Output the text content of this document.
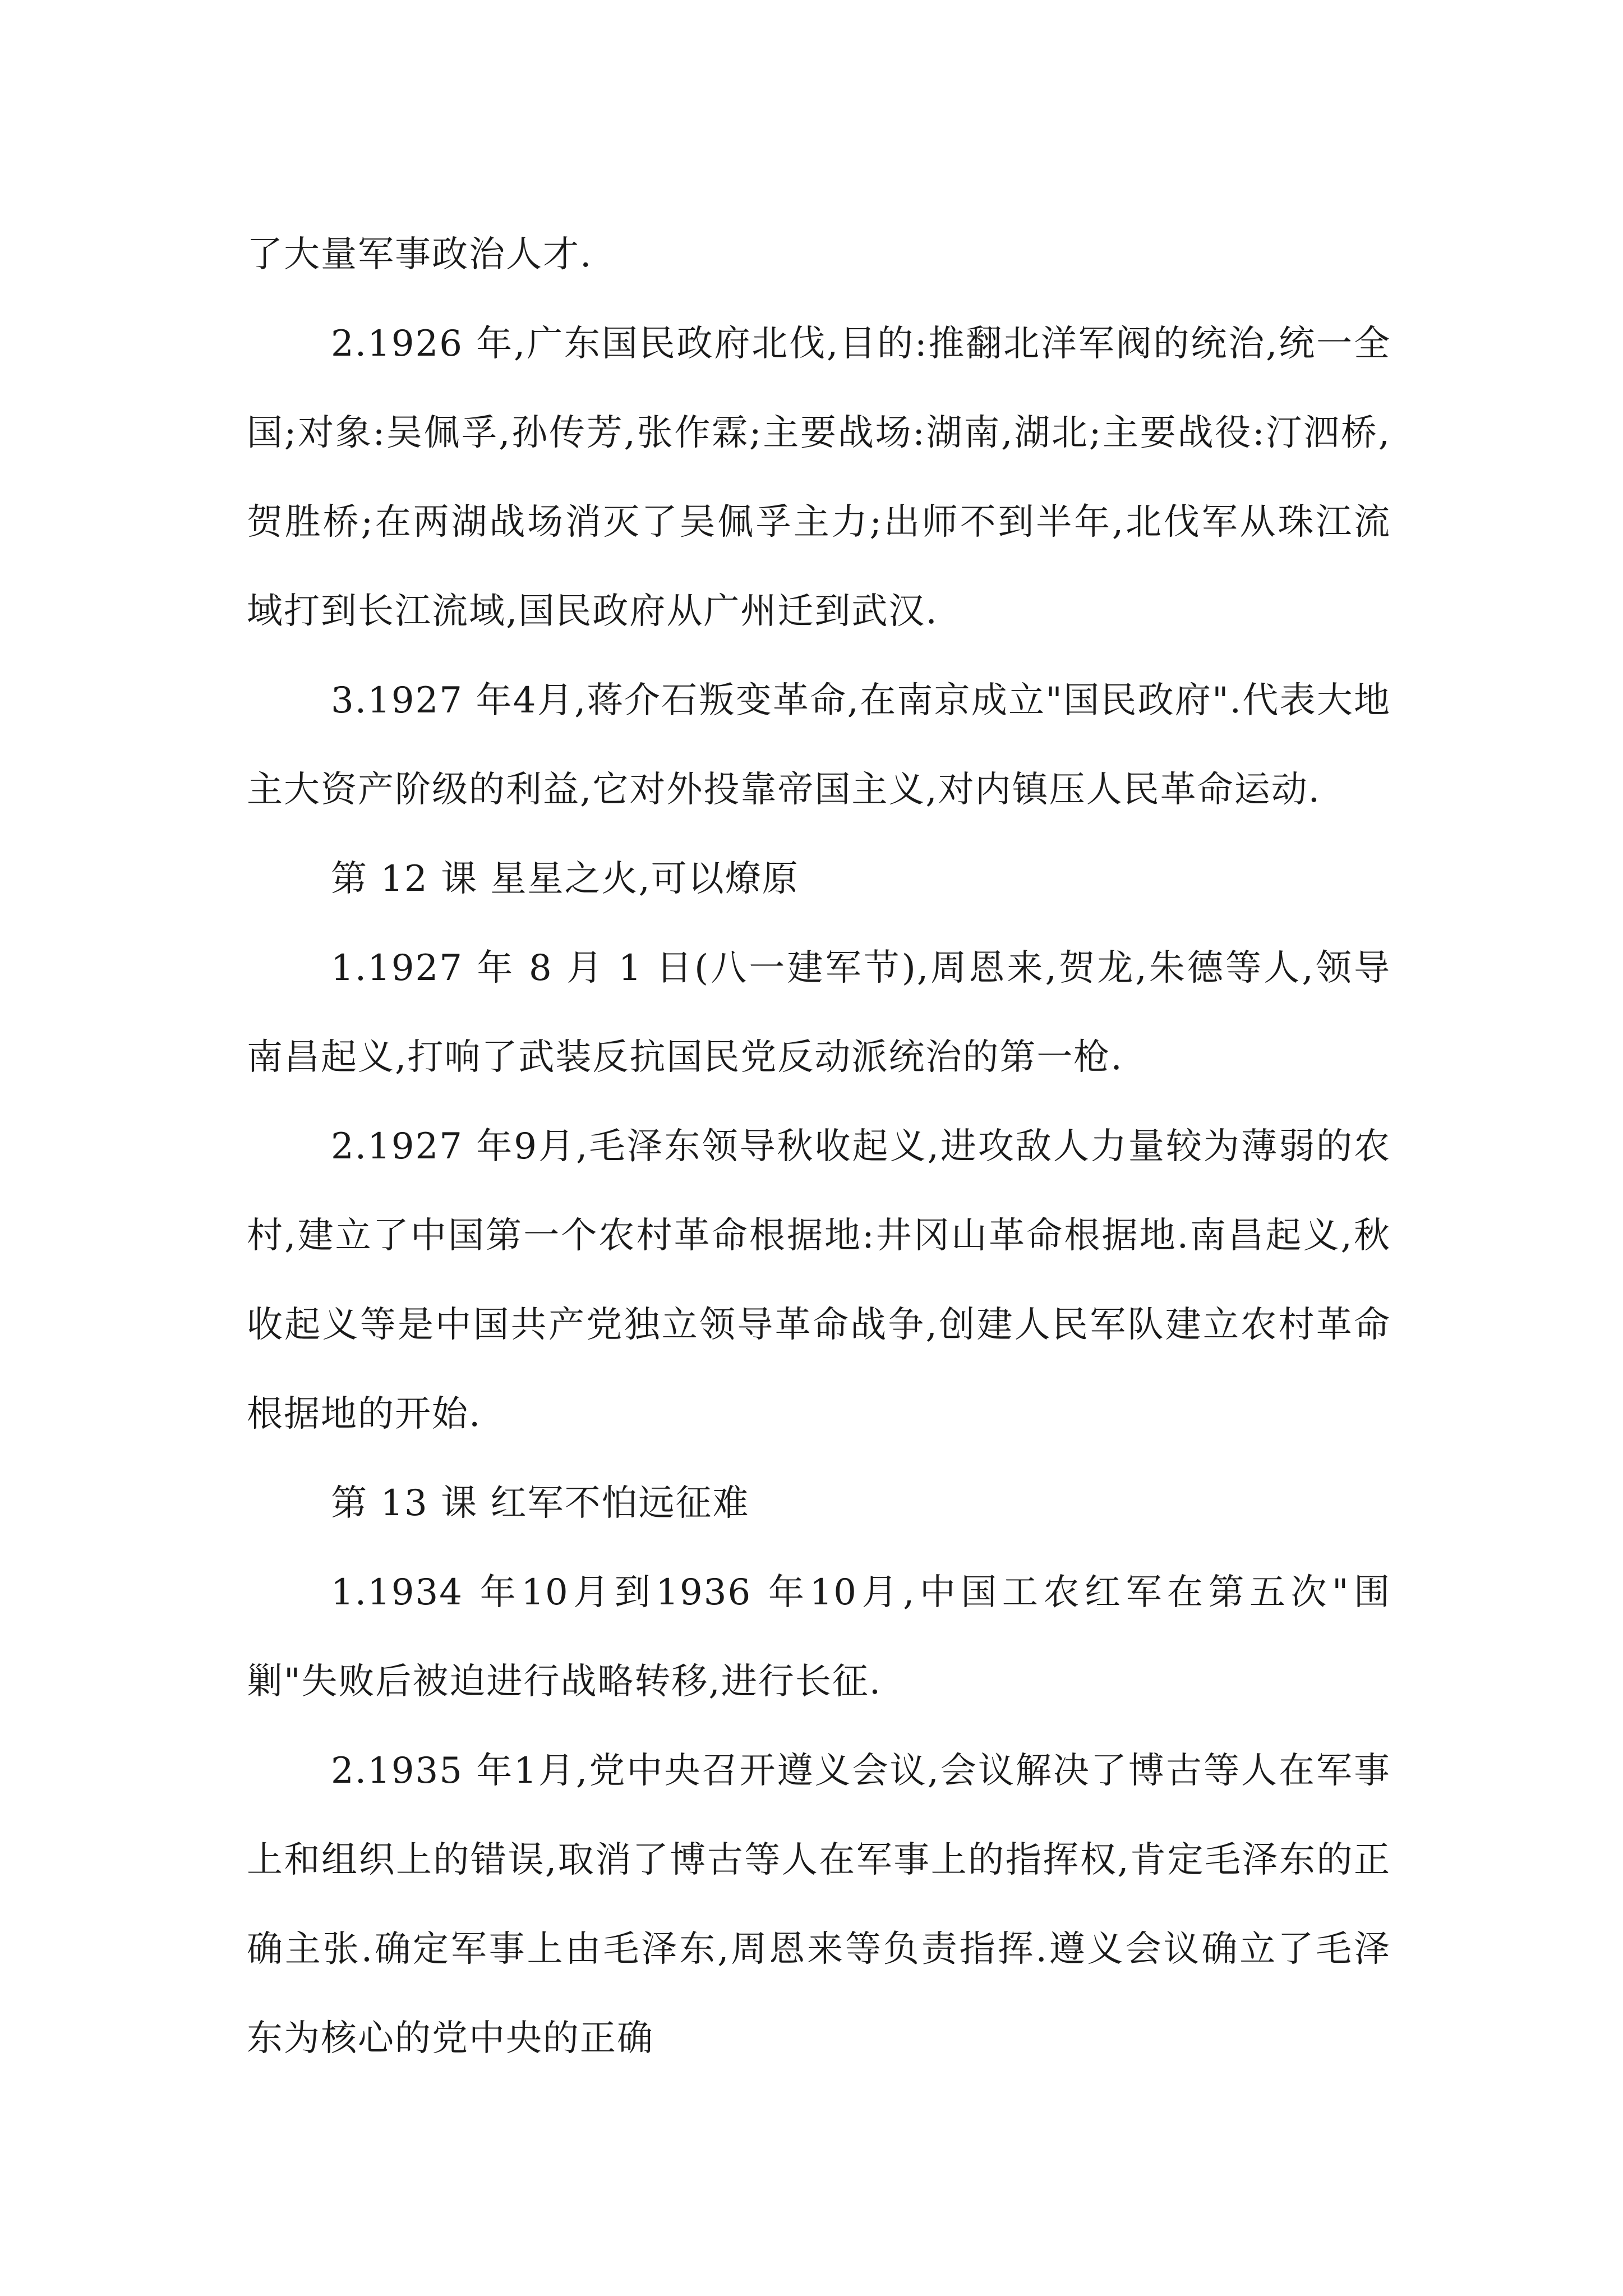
了大量军事政治人才.

2.1926 年,广东国民政府北伐,目的:推翻北洋军阀的统治,统一全国;对象:吴佩孚,孙传芳,张作霖;主要战场:湖南,湖北;主要战役:汀泗桥,贺胜桥;在两湖战场消灭了吴佩孚主力;出师不到半年,北伐军从珠江流域打到长江流域,国民政府从广州迁到武汉.

3.1927 年4月,蒋介石叛变革命,在南京成立"国民政府".代表大地主大资产阶级的利益,它对外投靠帝国主义,对内镇压人民革命运动.

第 12 课 星星之火,可以燎原

1.1927 年 8 月 1 日(八一建军节),周恩来,贺龙,朱德等人,领导南昌起义,打响了武装反抗国民党反动派统治的第一枪.

2.1927 年9月,毛泽东领导秋收起义,进攻敌人力量较为薄弱的农村,建立了中国第一个农村革命根据地:井冈山革命根据地.南昌起义,秋收起义等是中国共产党独立领导革命战争,创建人民军队建立农村革命根据地的开始.

第 13 课 红军不怕远征难

1.1934 年10月到1936 年10月,中国工农红军在第五次"围剿"失败后被迫进行战略转移,进行长征.

2.1935 年1月,党中央召开遵义会议,会议解决了博古等人在军事上和组织上的错误,取消了博古等人在军事上的指挥权,肯定毛泽东的正确主张.确定军事上由毛泽东,周恩来等负责指挥.遵义会议确立了毛泽东为核心的党中央的正确
